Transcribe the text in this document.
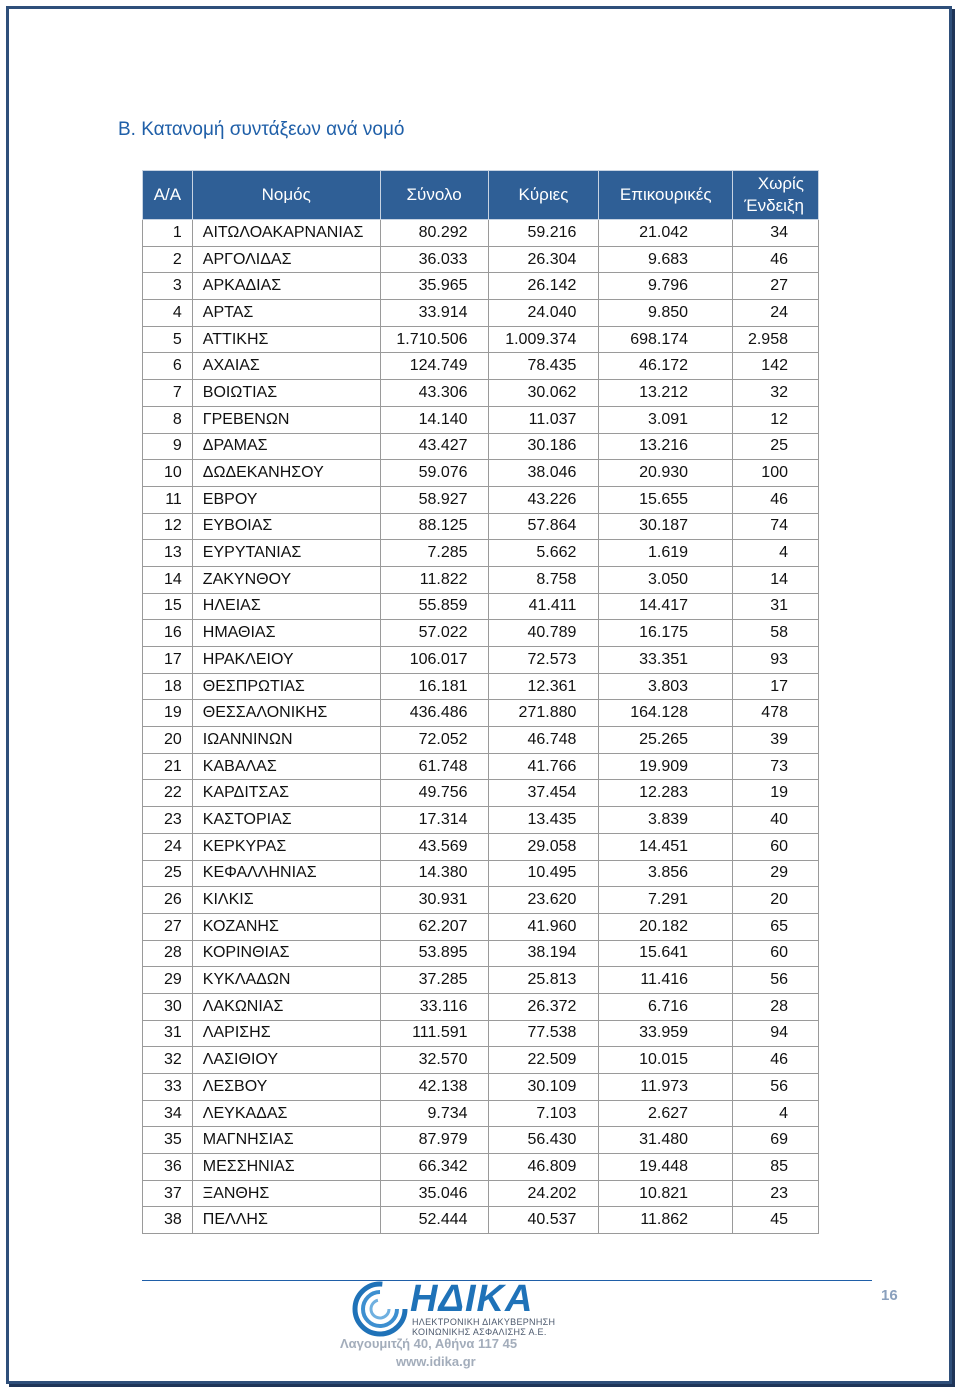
Β. Κατανομή συντάξεων ανά νομό
Α/Α	Νομός	Σύνολο	Κύριες	Επικουρικές	Χωρίς
Ένδειξη
1	ΑΙΤΩΛΟΑΚΑΡΝΑΝΙΑΣ	80.292	59.216	21.042	34
2	ΑΡΓΟΛΙΔΑΣ	36.033	26.304	9.683	46
3	ΑΡΚΑΔΙΑΣ	35.965	26.142	9.796	27
4	ΑΡΤΑΣ	33.914	24.040	9.850	24
5	ΑΤΤΙΚΗΣ	1.710.506	1.009.374	698.174	2.958
6	ΑΧΑΙΑΣ	124.749	78.435	46.172	142
7	ΒΟΙΩΤΙΑΣ	43.306	30.062	13.212	32
8	ΓΡΕΒΕΝΩΝ	14.140	11.037	3.091	12
9	ΔΡΑΜΑΣ	43.427	30.186	13.216	25
10	ΔΩΔΕΚΑΝΗΣΟΥ	59.076	38.046	20.930	100
11	ΕΒΡΟΥ	58.927	43.226	15.655	46
12	ΕΥΒΟΙΑΣ	88.125	57.864	30.187	74
13	ΕΥΡΥΤΑΝΙΑΣ	7.285	5.662	1.619	4
14	ΖΑΚΥΝΘΟΥ	11.822	8.758	3.050	14
15	ΗΛΕΙΑΣ	55.859	41.411	14.417	31
16	ΗΜΑΘΙΑΣ	57.022	40.789	16.175	58
17	ΗΡΑΚΛΕΙΟΥ	106.017	72.573	33.351	93
18	ΘΕΣΠΡΩΤΙΑΣ	16.181	12.361	3.803	17
19	ΘΕΣΣΑΛΟΝΙΚΗΣ	436.486	271.880	164.128	478
20	ΙΩΑΝΝΙΝΩΝ	72.052	46.748	25.265	39
21	ΚΑΒΑΛΑΣ	61.748	41.766	19.909	73
22	ΚΑΡΔΙΤΣΑΣ	49.756	37.454	12.283	19
23	ΚΑΣΤΟΡΙΑΣ	17.314	13.435	3.839	40
24	ΚΕΡΚΥΡΑΣ	43.569	29.058	14.451	60
25	ΚΕΦΑΛΛΗΝΙΑΣ	14.380	10.495	3.856	29
26	ΚΙΛΚΙΣ	30.931	23.620	7.291	20
27	ΚΟΖΑΝΗΣ	62.207	41.960	20.182	65
28	ΚΟΡΙΝΘΙΑΣ	53.895	38.194	15.641	60
29	ΚΥΚΛΑΔΩΝ	37.285	25.813	11.416	56
30	ΛΑΚΩΝΙΑΣ	33.116	26.372	6.716	28
31	ΛΑΡΙΣΗΣ	111.591	77.538	33.959	94
32	ΛΑΣΙΘΙΟΥ	32.570	22.509	10.015	46
33	ΛΕΣΒΟΥ	42.138	30.109	11.973	56
34	ΛΕΥΚΑΔΑΣ	9.734	7.103	2.627	4
35	ΜΑΓΝΗΣΙΑΣ	87.979	56.430	31.480	69
36	ΜΕΣΣΗΝΙΑΣ	66.342	46.809	19.448	85
37	ΞΑΝΘΗΣ	35.046	24.202	10.821	23
38	ΠΕΛΛΗΣ	52.444	40.537	11.862	45
16
ΗΔΙΚΑ
ΗΛΕΚΤΡΟΝΙΚΗ ΔΙΑΚΥΒΕΡΝΗΣΗ
ΚΟΙΝΩΝΙΚΗΣ ΑΣΦΑΛΙΣΗΣ Α.Ε.
Λαγουμιτζή 40, Αθήνα 117 45
www.idika.gr
